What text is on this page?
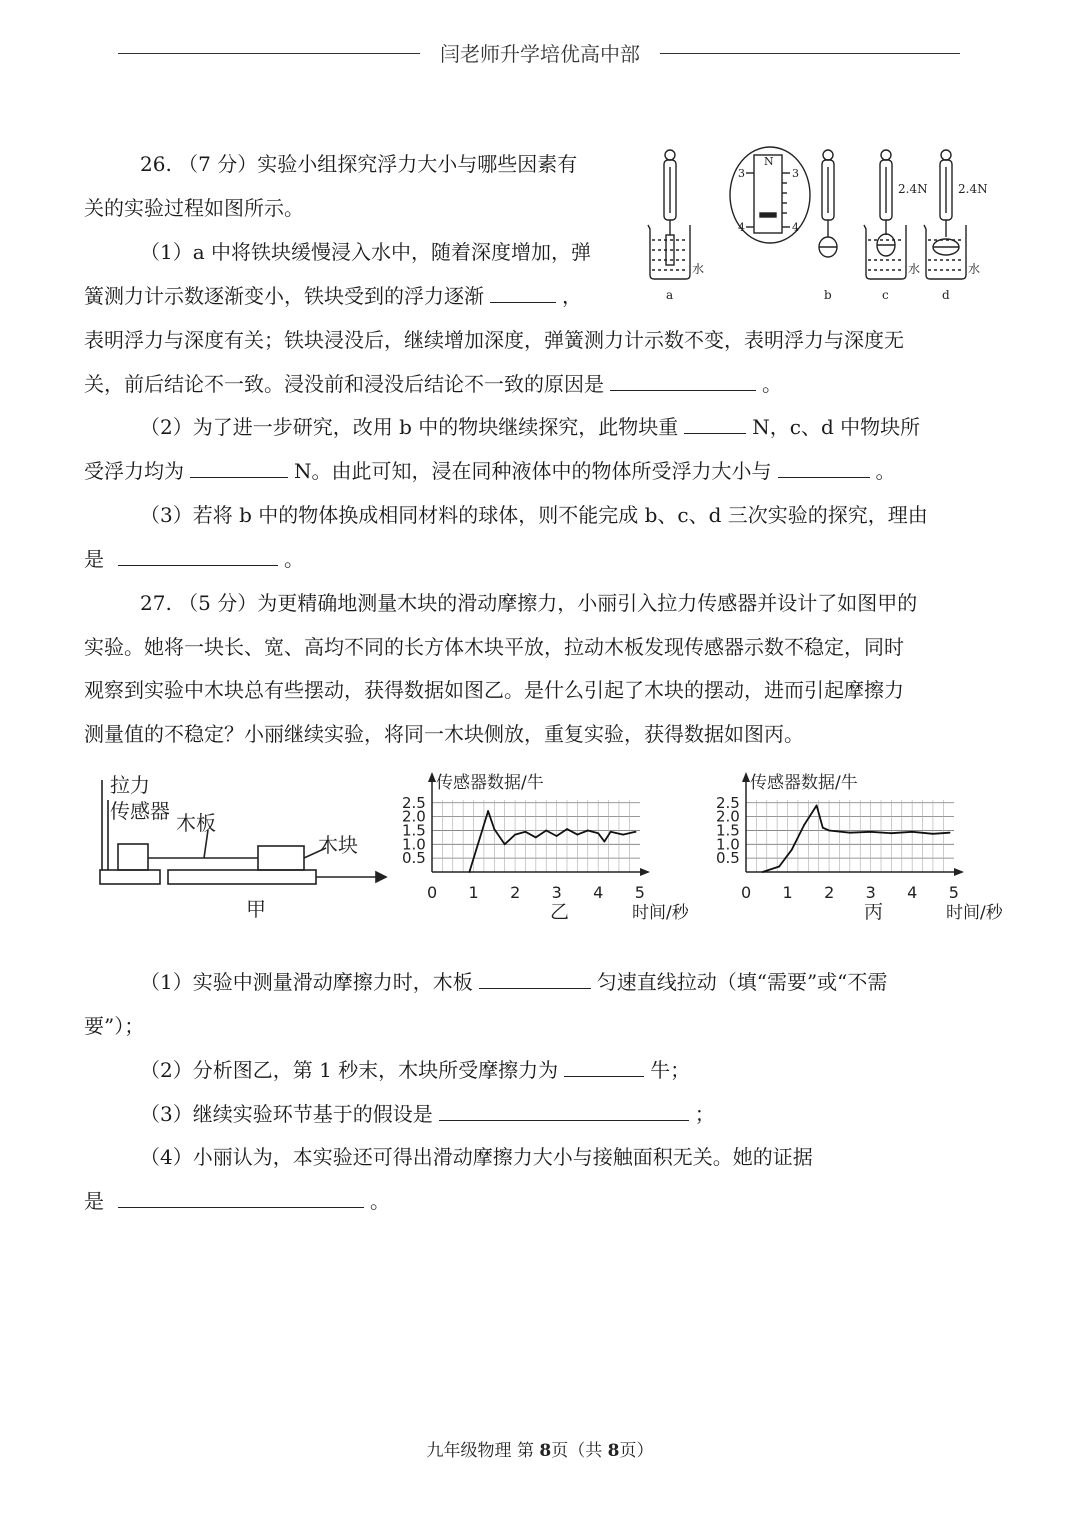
闫老师升学培优高中部
26. （7 分）实验小组探究浮力大小与哪些因素有
关的实验过程如图所示。
（1）a 中将铁块缓慢浸入水中，随着深度增加，弹
簧测力计示数逐渐变小，铁块受到的浮力逐渐	，
表明浮力与深度有关；铁块浸没后，继续增加深度，弹簧测力计示数不变，表明浮力与深度无
关，前后结论不一致。浸没前和浸没后结论不一致的原因是	。
（2）为了进一步研究，改用 b 中的物块继续探究，此物块重	N，c、d 中物块所
受浮力均为	N。由此可知，浸在同种液体中的物体所受浮力大小与	。
（3）若将 b 中的物体换成相同材料的球体，则不能完成 b、c、d 三次实验的探究，理由
是	。
水	水	水
2.4N	2.4N
N
3
4
3
4
a	b	c	d
27. （5 分）为更精确地测量木块的滑动摩擦力，小丽引入拉力传感器并设计了如图甲的
实验。她将一块长、宽、高均不同的长方体木块平放，拉动木板发现传感器示数不稳定，同时
观察到实验中木块总有些摆动，获得数据如图乙。是什么引起了木块的摆动，进而引起摩擦力
测量值的不稳定？小丽继续实验，将同一木块侧放，重复实验，获得数据如图丙。
拉力
传感器 木板
木块
甲
0.5
1.0
1.5
2.0
2.5
传感器数据/牛
0 1 2 3 4 5
时间/秒
乙
0.5
1.0
1.5
2.0
2.5
传感器数据/牛
0 1 2 3 4 5
时间/秒
丙
（1）实验中测量滑动摩擦力时，木板	匀速直线拉动（填“需要”或“不需
要”）；
（2）分析图乙，第 1 秒末，木块所受摩擦力为	牛；
（3）继续实验环节基于的假设是	；
（4）小丽认为，本实验还可得出滑动摩擦力大小与接触面积无关。她的证据
是	。
九年级物理 第 8页（共 8页）
